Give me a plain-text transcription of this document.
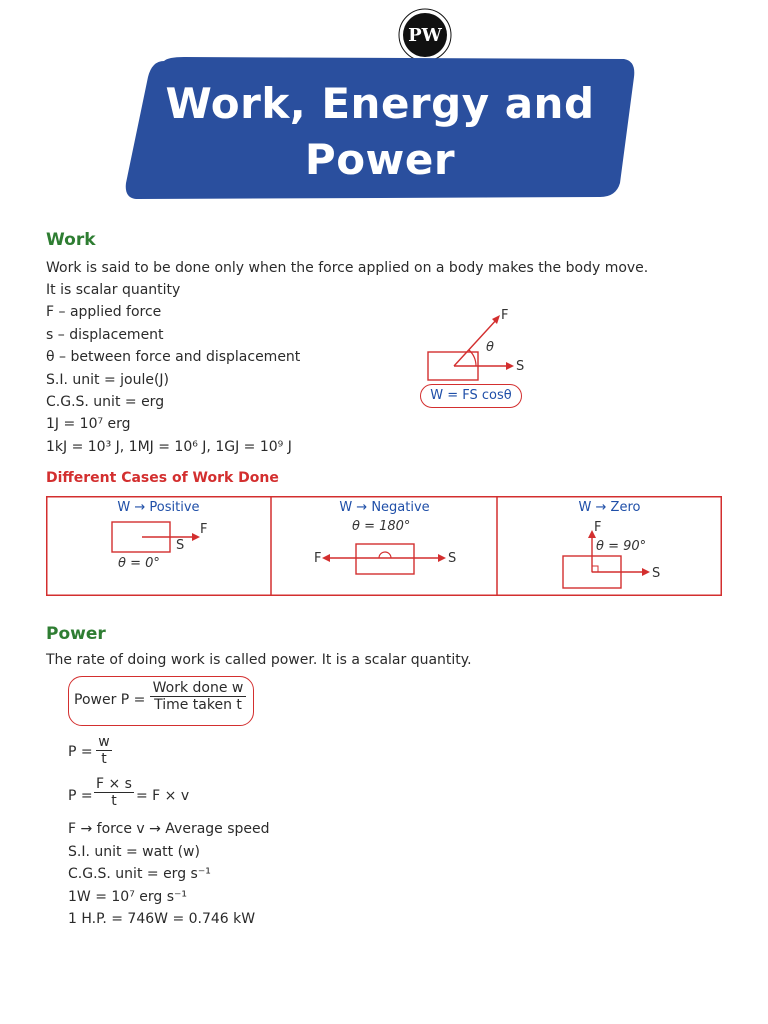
PW
Work, Energy and
Power
Work
Work is said to be done only when the force applied on a body makes the body move.
It is scalar quantity
F – applied force
s – displacement
θ – between force and displacement
S.I. unit = joule(J)
C.G.S. unit = erg
1J = 10⁷ erg
1kJ = 10³ J, 1MJ = 10⁶ J, 1GJ = 10⁹ J
F
S
θ
W = FS cosθ
Different Cases of Work Done
W → Positive
F
S
θ = 0°
W → Negative
θ = 180°
F	S
W → Zero
F
θ = 90°
S
Power
The rate of doing work is called power. It is a scalar quantity.
Power P =
Work done w
Time taken t
$P = \frac{w}{t}$
$P = \frac{F \times s}{t} = F \times v$
F → force v → Average speed
S.I. unit = watt (w)
C.G.S. unit = erg s⁻¹
1W = 10⁷ erg s⁻¹
1 H.P. = 746W = 0.746 kW
